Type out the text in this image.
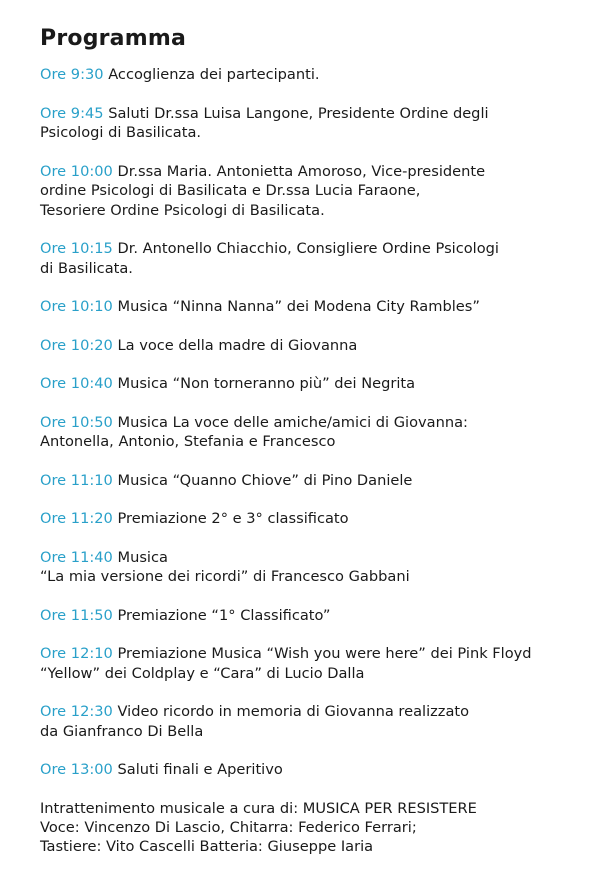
Programma
Ore 9:30 Accoglienza dei partecipanti.
Ore 9:45 Saluti Dr.ssa Luisa Langone, Presidente Ordine degli
Psicologi di Basilicata.
Ore 10:00 Dr.ssa Maria. Antonietta Amoroso, Vice-presidente
ordine Psicologi di Basilicata e Dr.ssa Lucia Faraone,
Tesoriere Ordine Psicologi di Basilicata.
Ore 10:15 Dr. Antonello Chiacchio, Consigliere Ordine Psicologi
di Basilicata.
Ore 10:10 Musica “Ninna Nanna” dei Modena City Rambles”
Ore 10:20 La voce della madre di Giovanna
Ore 10:40 Musica “Non torneranno più” dei Negrita
Ore 10:50 Musica La voce delle amiche/amici di Giovanna:
Antonella, Antonio, Stefania e Francesco
Ore 11:10 Musica “Quanno Chiove” di Pino Daniele
Ore 11:20 Premiazione 2° e 3° classificato
Ore 11:40 Musica
“La mia versione dei ricordi” di Francesco Gabbani
Ore 11:50 Premiazione “1° Classificato”
Ore 12:10 Premiazione Musica “Wish you were here” dei Pink Floyd
“Yellow” dei Coldplay e “Cara” di Lucio Dalla
Ore 12:30 Video ricordo in memoria di Giovanna realizzato
da Gianfranco Di Bella
Ore 13:00 Saluti finali e Aperitivo
Intrattenimento musicale a cura di: MUSICA PER RESISTERE
Voce: Vincenzo Di Lascio, Chitarra: Federico Ferrari;
Tastiere: Vito Cascelli Batteria: Giuseppe Iaria
